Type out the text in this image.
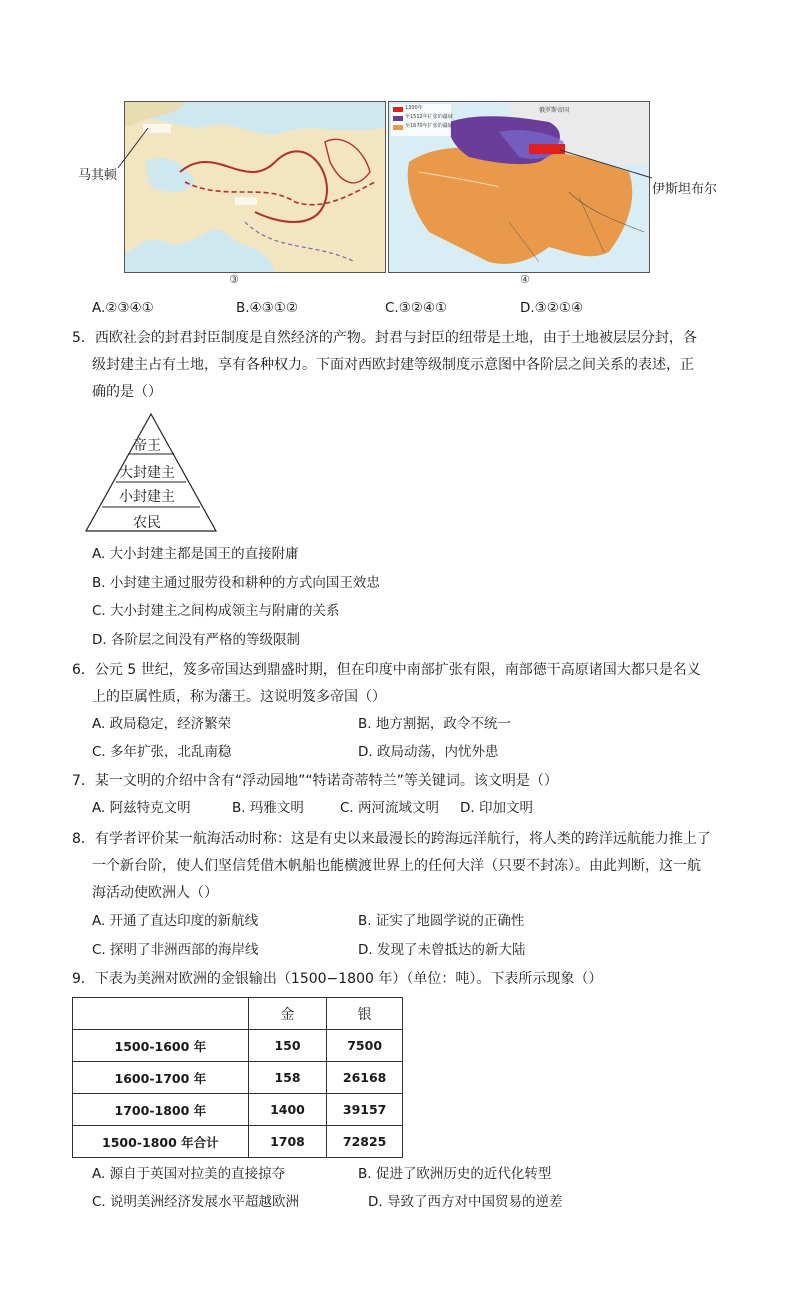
1300年
至1512年扩张的疆域
至1670年扩张的疆域
俄罗斯帝国
马其顿
伊斯坦布尔
③	④
A.②③④①	B.④③①②	C.③②④①	D.③②①④
5．西欧社会的封君封臣制度是自然经济的产物。封君与封臣的纽带是土地，由于土地被层层分封，各
级封建主占有土地，享有各种权力。下面对西欧封建等级制度示意图中各阶层之间关系的表述，正
确的是（）
帝王
大封建主
小封建主
农民
A. 大小封建主都是国王的直接附庸
B. 小封建主通过服劳役和耕种的方式向国王效忠
C. 大小封建主之间构成领主与附庸的关系
D. 各阶层之间没有严格的等级限制
6．公元 5 世纪，笈多帝国达到鼎盛时期，但在印度中南部扩张有限，南部德干高原诸国大都只是名义
上的臣属性质，称为藩王。这说明笈多帝国（）
A. 政局稳定，经济繁荣	B. 地方割据，政令不统一
C. 多年扩张，北乱南稳	D. 政局动荡，内忧外患
7．某一文明的介绍中含有“浮动园地”“特诺奇蒂特兰”等关键词。该文明是（）
A. 阿兹特克文明	B. 玛雅文明	C. 两河流域文明 D. 印加文明
8．有学者评价某一航海活动时称：这是有史以来最漫长的跨海远洋航行，将人类的跨洋远航能力推上了
一个新台阶，使人们坚信凭借木帆船也能横渡世界上的任何大洋（只要不封冻）。由此判断，这一航
海活动使欧洲人（）
A. 开通了直达印度的新航线	B. 证实了地圆学说的正确性
C. 探明了非洲西部的海岸线	D. 发现了未曾抵达的新大陆
9．下表为美洲对欧洲的金银输出（1500−1800 年）（单位：吨）。下表所示现象（）
	金	银
1500-1600 年	150	7500
1600-1700 年	158	26168
1700-1800 年	1400	39157
1500-1800 年合计	1708	72825
A. 源自于英国对拉美的直接掠夺	B. 促进了欧洲历史的近代化转型
C. 说明美洲经济发展水平超越欧洲	D. 导致了西方对中国贸易的逆差
